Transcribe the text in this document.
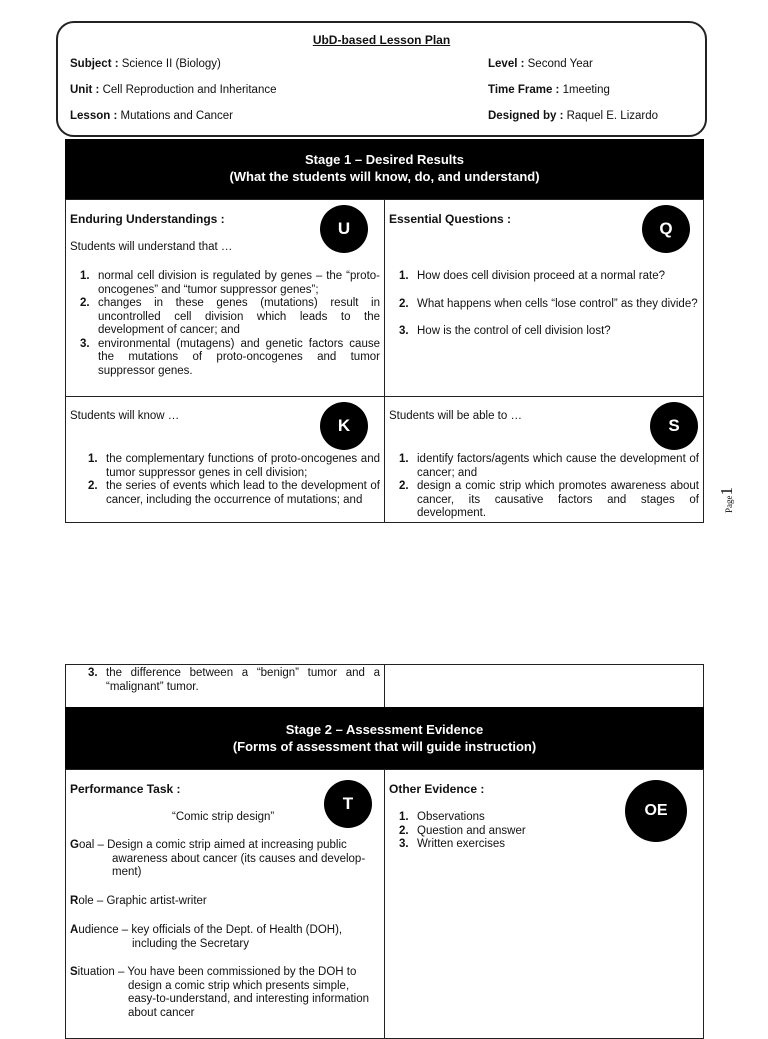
UbD-based Lesson Plan
Subject : Science II (Biology)	Level : Second Year
Unit : Cell Reproduction and Inheritance	Time Frame : 1meeting
Lesson : Mutations and Cancer	Designed by : Raquel E. Lizardo
Stage 1 – Desired Results
(What the students will know, do, and understand)
Enduring Understandings :	U
Students will understand that …
normal cell division is regulated by genes – the “proto-oncogenes” and “tumor suppressor genes”;
changes in these genes (mutations) result in uncontrolled cell division which leads to the development of cancer; and
environmental (mutagens) and genetic factors cause the mutations of proto-oncogenes and tumor suppressor genes.
Essential Questions :	Q
How does cell division proceed at a normal rate?
What happens when cells “lose control” as they divide?
How is the control of cell division lost?
Students will know …	K
the complementary functions of proto-oncogenes and tumor suppressor genes in cell division;
the series of events which lead to the development of cancer, including the occurrence of mutations; and
Students will be able to …	S
identify factors/agents which cause the development of cancer; and
design a comic strip which promotes awareness about cancer, its causative factors and stages of development.	Page1
3. the difference between a “benign” tumor and a “malignant” tumor.
Stage 2 – Assessment Evidence
(Forms of assessment that will guide instruction)
Performance Task :
T
“Comic strip design”
Goal – Design a comic strip aimed at increasing public
awareness about cancer (its causes and develop-ment)
Role – Graphic artist-writer
Audience – key officials of the Dept. of Health (DOH),
including the Secretary
Situation – You have been commissioned by the DOH to
design a comic strip which presents simple, easy-to-understand, and interesting information about cancer
Other Evidence :
OE
Observations
Question and answer
Written exercises
